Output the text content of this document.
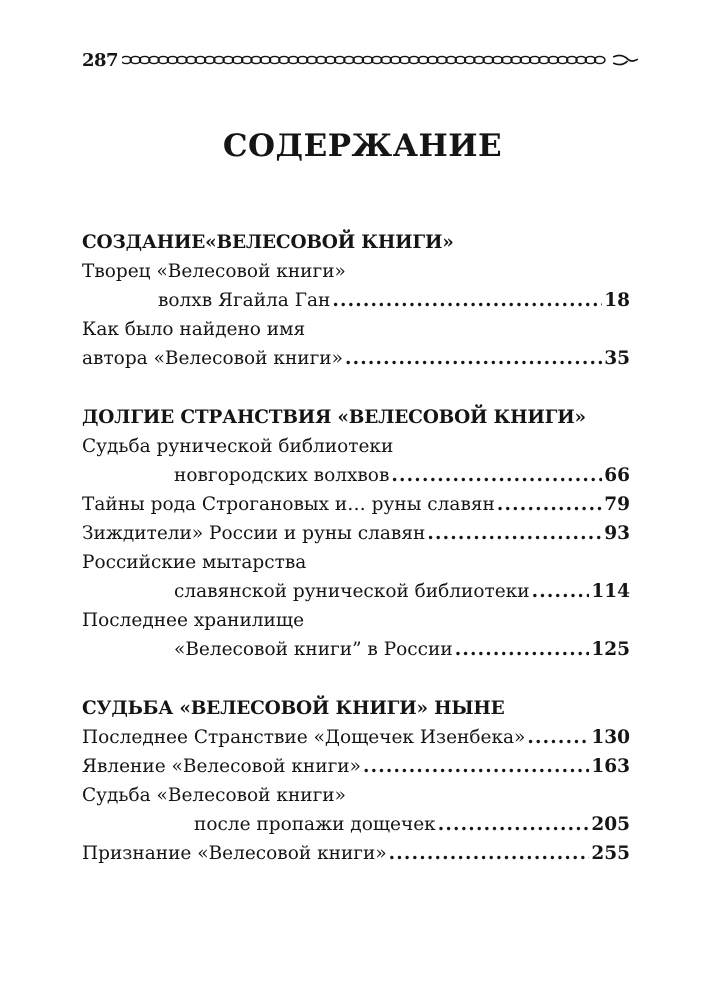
287
СОДЕРЖАНИЕ
СОЗДАНИЕ«ВЕЛЕСОВОЙ КНИГИ»
Творец «Велесовой книги»
волхв Ягайла Ган .....	18
Как было найдено имя
автора «Велесовой книги» .....	35
ДОЛГИЕ СТРАНСТВИЯ «ВЕЛЕСОВОЙ КНИГИ»
Судьба рунической библиотеки
новгородских волхвов .....	66
Тайны рода Строгановых и… руны славян .....	79
Зиждители» России и руны славян .....	93
Российские мытарства
славянской рунической библиотеки .....	114
Последнее хранилище
«Велесовой книги” в России .....	125
СУДЬБА «ВЕЛЕСОВОЙ КНИГИ» НЫНЕ
Последнее Странствие «Дощечек Изенбека» .....	130
Явление «Велесовой книги» .....	163
Судьба «Велесовой книги»
после пропажи дощечек .....	205
Признание «Велесовой книги» .....	255
